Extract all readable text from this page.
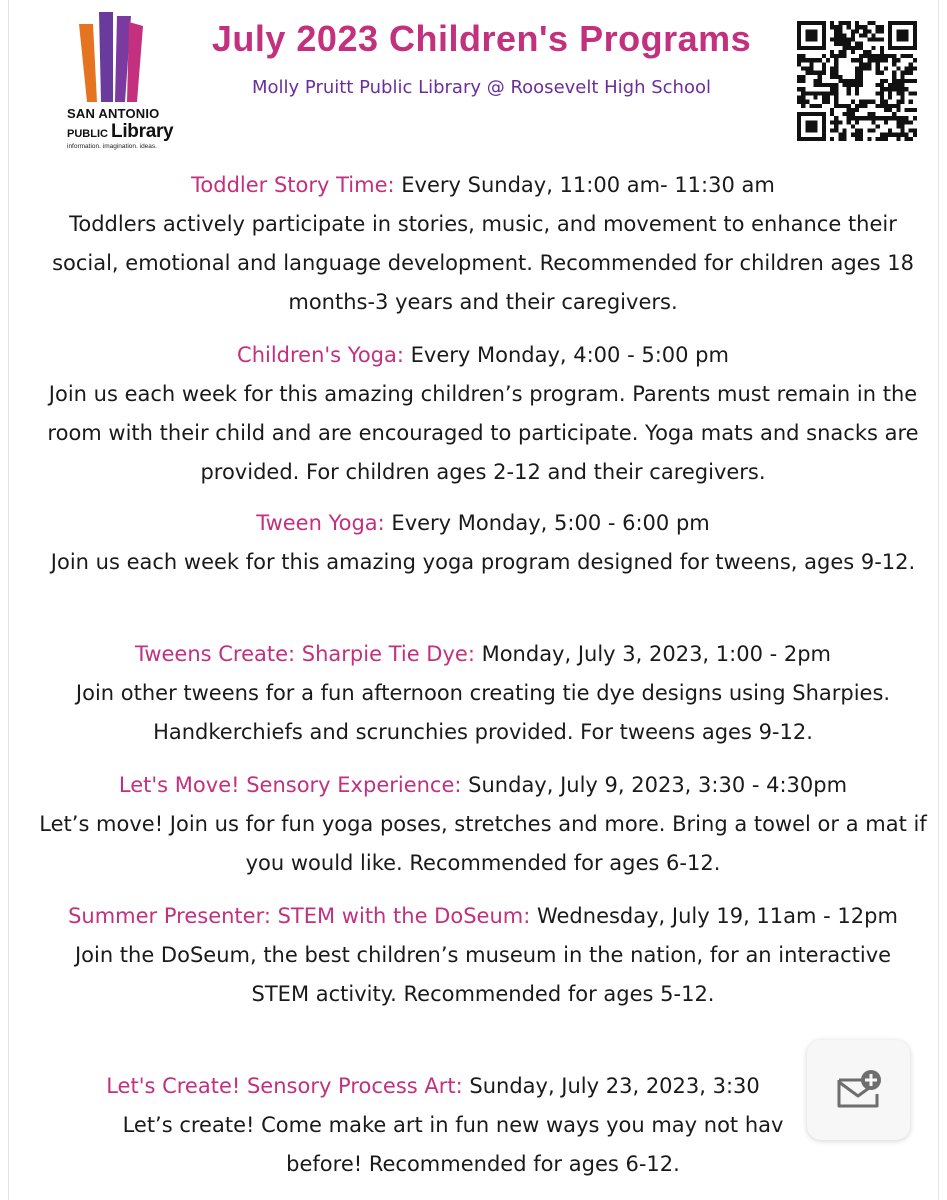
SAN ANTONIO
PUBLIC Library
information. imagination. ideas.
July 2023 Children's Programs
Molly Pruitt Public Library @ Roosevelt High School

Toddler Story Time: Every Sunday, 11:00 am- 11:30 am

Toddlers actively participate in stories, music, and movement to enhance their social, emotional and language development. Recommended for children ages 18 months-3 years and their caregivers.

Children's Yoga: Every Monday, 4:00 - 5:00 pm

Join us each week for this amazing children’s program. Parents must remain in the room with their child and are encouraged to participate. Yoga mats and snacks are provided. For children ages 2-12 and their caregivers.

Tween Yoga: Every Monday, 5:00 - 6:00 pm

Join us each week for this amazing yoga program designed for tweens, ages 9-12.

Tweens Create: Sharpie Tie Dye: Monday, July 3, 2023, 1:00 - 2pm

Join other tweens for a fun afternoon creating tie dye designs using Sharpies. Handkerchiefs and scrunchies provided. For tweens ages 9-12.

Let's Move! Sensory Experience: Sunday, July 9, 2023, 3:30 - 4:30pm

Let’s move! Join us for fun yoga poses, stretches and more. Bring a towel or a mat if you would like. Recommended for ages 6-12.

Summer Presenter: STEM with the DoSeum: Wednesday, July 19, 11am - 12pm

Join the DoSeum, the best children’s museum in the nation, for an interactive STEM activity. Recommended for ages 5-12.

Let's Create! Sensory Process Art: Sunday, July 23, 2023, 3:30

Let’s create! Come make art in fun new ways you may not hav
before! Recommended for ages 6-12.
